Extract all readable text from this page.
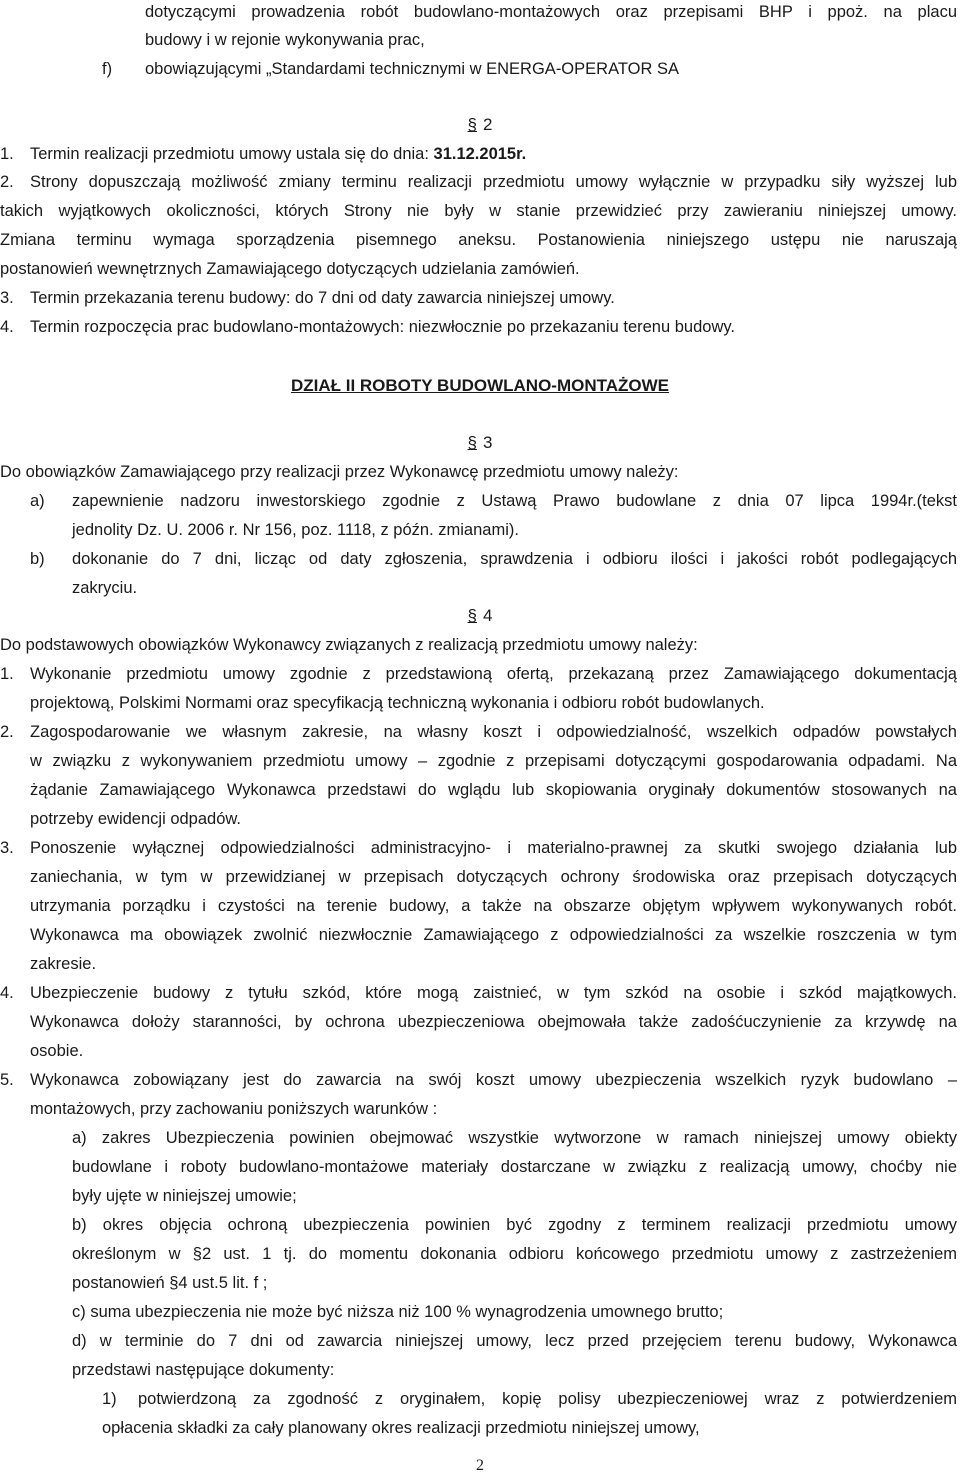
dotyczącymi prowadzenia robót budowlano-montażowych oraz przepisami BHP i ppoż. na placu
budowy i w rejonie wykonywania prac,
f) obowiązującymi „Standardami technicznymi w ENERGA-OPERATOR SA
§ 2
1. Termin realizacji przedmiotu umowy ustala się do dnia: 31.12.2015r.
2. Strony dopuszczają możliwość zmiany terminu realizacji przedmiotu umowy wyłącznie w przypadku siły wyższej lub
takich wyjątkowych okoliczności, których Strony nie były w stanie przewidzieć przy zawieraniu niniejszej umowy.
Zmiana terminu wymaga sporządzenia pisemnego aneksu. Postanowienia niniejszego ustępu nie naruszają
postanowień wewnętrznych Zamawiającego dotyczących udzielania zamówień.
3. Termin przekazania terenu budowy: do 7 dni od daty zawarcia niniejszej umowy.
4. Termin rozpoczęcia prac budowlano-montażowych: niezwłocznie po przekazaniu terenu budowy.
DZIAŁ II ROBOTY BUDOWLANO-MONTAŻOWE
§ 3
Do obowiązków Zamawiającego przy realizacji przez Wykonawcę przedmiotu umowy należy:
a) zapewnienie nadzoru inwestorskiego zgodnie z Ustawą Prawo budowlane z dnia 07 lipca 1994r.(tekst
jednolity Dz. U. 2006 r. Nr 156, poz. 1118, z późn. zmianami).
b) dokonanie do 7 dni, licząc od daty zgłoszenia, sprawdzenia i odbioru ilości i jakości robót podlegających
zakryciu.
§ 4
Do podstawowych obowiązków Wykonawcy związanych z realizacją przedmiotu umowy należy:
1. Wykonanie przedmiotu umowy zgodnie z przedstawioną ofertą, przekazaną przez Zamawiającego dokumentacją
projektową, Polskimi Normami oraz specyfikacją techniczną wykonania i odbioru robót budowlanych.
2. Zagospodarowanie we własnym zakresie, na własny koszt i odpowiedzialność, wszelkich odpadów powstałych
w związku z wykonywaniem przedmiotu umowy – zgodnie z przepisami dotyczącymi gospodarowania odpadami. Na
żądanie Zamawiającego Wykonawca przedstawi do wglądu lub skopiowania oryginały dokumentów stosowanych na
potrzeby ewidencji odpadów.
3. Ponoszenie wyłącznej odpowiedzialności administracyjno- i materialno-prawnej za skutki swojego działania lub
zaniechania, w tym w przewidzianej w przepisach dotyczących ochrony środowiska oraz przepisach dotyczących
utrzymania porządku i czystości na terenie budowy, a także na obszarze objętym wpływem wykonywanych robót.
Wykonawca ma obowiązek zwolnić niezwłocznie Zamawiającego z odpowiedzialności za wszelkie roszczenia w tym
zakresie.
4. Ubezpieczenie budowy z tytułu szkód, które mogą zaistnieć, w tym szkód na osobie i szkód majątkowych.
Wykonawca dołoży staranności, by ochrona ubezpieczeniowa obejmowała także zadośćuczynienie za krzywdę na
osobie.
5. Wykonawca zobowiązany jest do zawarcia na swój koszt umowy ubezpieczenia wszelkich ryzyk budowlano –
montażowych, przy zachowaniu poniższych warunków :
a) zakres Ubezpieczenia powinien obejmować wszystkie wytworzone w ramach niniejszej umowy obiekty
budowlane i roboty budowlano-montażowe materiały dostarczane w związku z realizacją umowy, choćby nie
były ujęte w niniejszej umowie;
b) okres objęcia ochroną ubezpieczenia powinien być zgodny z terminem realizacji przedmiotu umowy
określonym w §2 ust. 1 tj. do momentu dokonania odbioru końcowego przedmiotu umowy z zastrzeżeniem
postanowień §4 ust.5 lit. f ;
c) suma ubezpieczenia nie może być niższa niż 100 % wynagrodzenia umownego brutto;
d) w terminie do 7 dni od zawarcia niniejszej umowy, lecz przed przejęciem terenu budowy, Wykonawca
przedstawi następujące dokumenty:
1) potwierdzoną za zgodność z oryginałem, kopię polisy ubezpieczeniowej wraz z potwierdzeniem
opłacenia składki za cały planowany okres realizacji przedmiotu niniejszej umowy,
2
